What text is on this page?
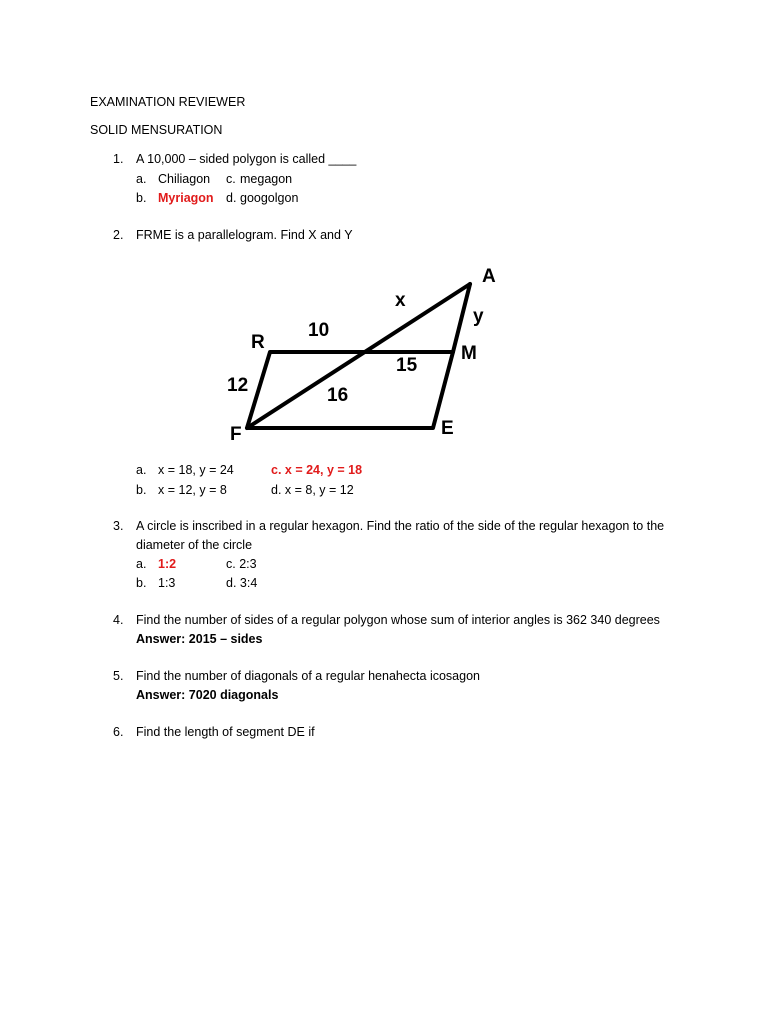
EXAMINATION REVIEWER
SOLID MENSURATION
1. A 10,000 – sided polygon is called ____
a. Chiliagon c. megagon
b. Myriagon d. googolgon
2. FRME is a parallelogram. Find X and Y
A
R
M
F	E
x
y
10
15
12	16
a. x = 18, y = 24	c. x = 24, y = 18
b. x = 12, y = 8	d. x = 8, y = 12
3. A circle is inscribed in a regular hexagon. Find the ratio of the side of the regular hexagon to the
diameter of the circle
a. 1:2	c. 2:3
b. 1:3	d. 3:4
4. Find the number of sides of a regular polygon whose sum of interior angles is 362 340 degrees
Answer: 2015 – sides
5. Find the number of diagonals of a regular henahecta icosagon
Answer: 7020 diagonals
6. Find the length of segment DE if
